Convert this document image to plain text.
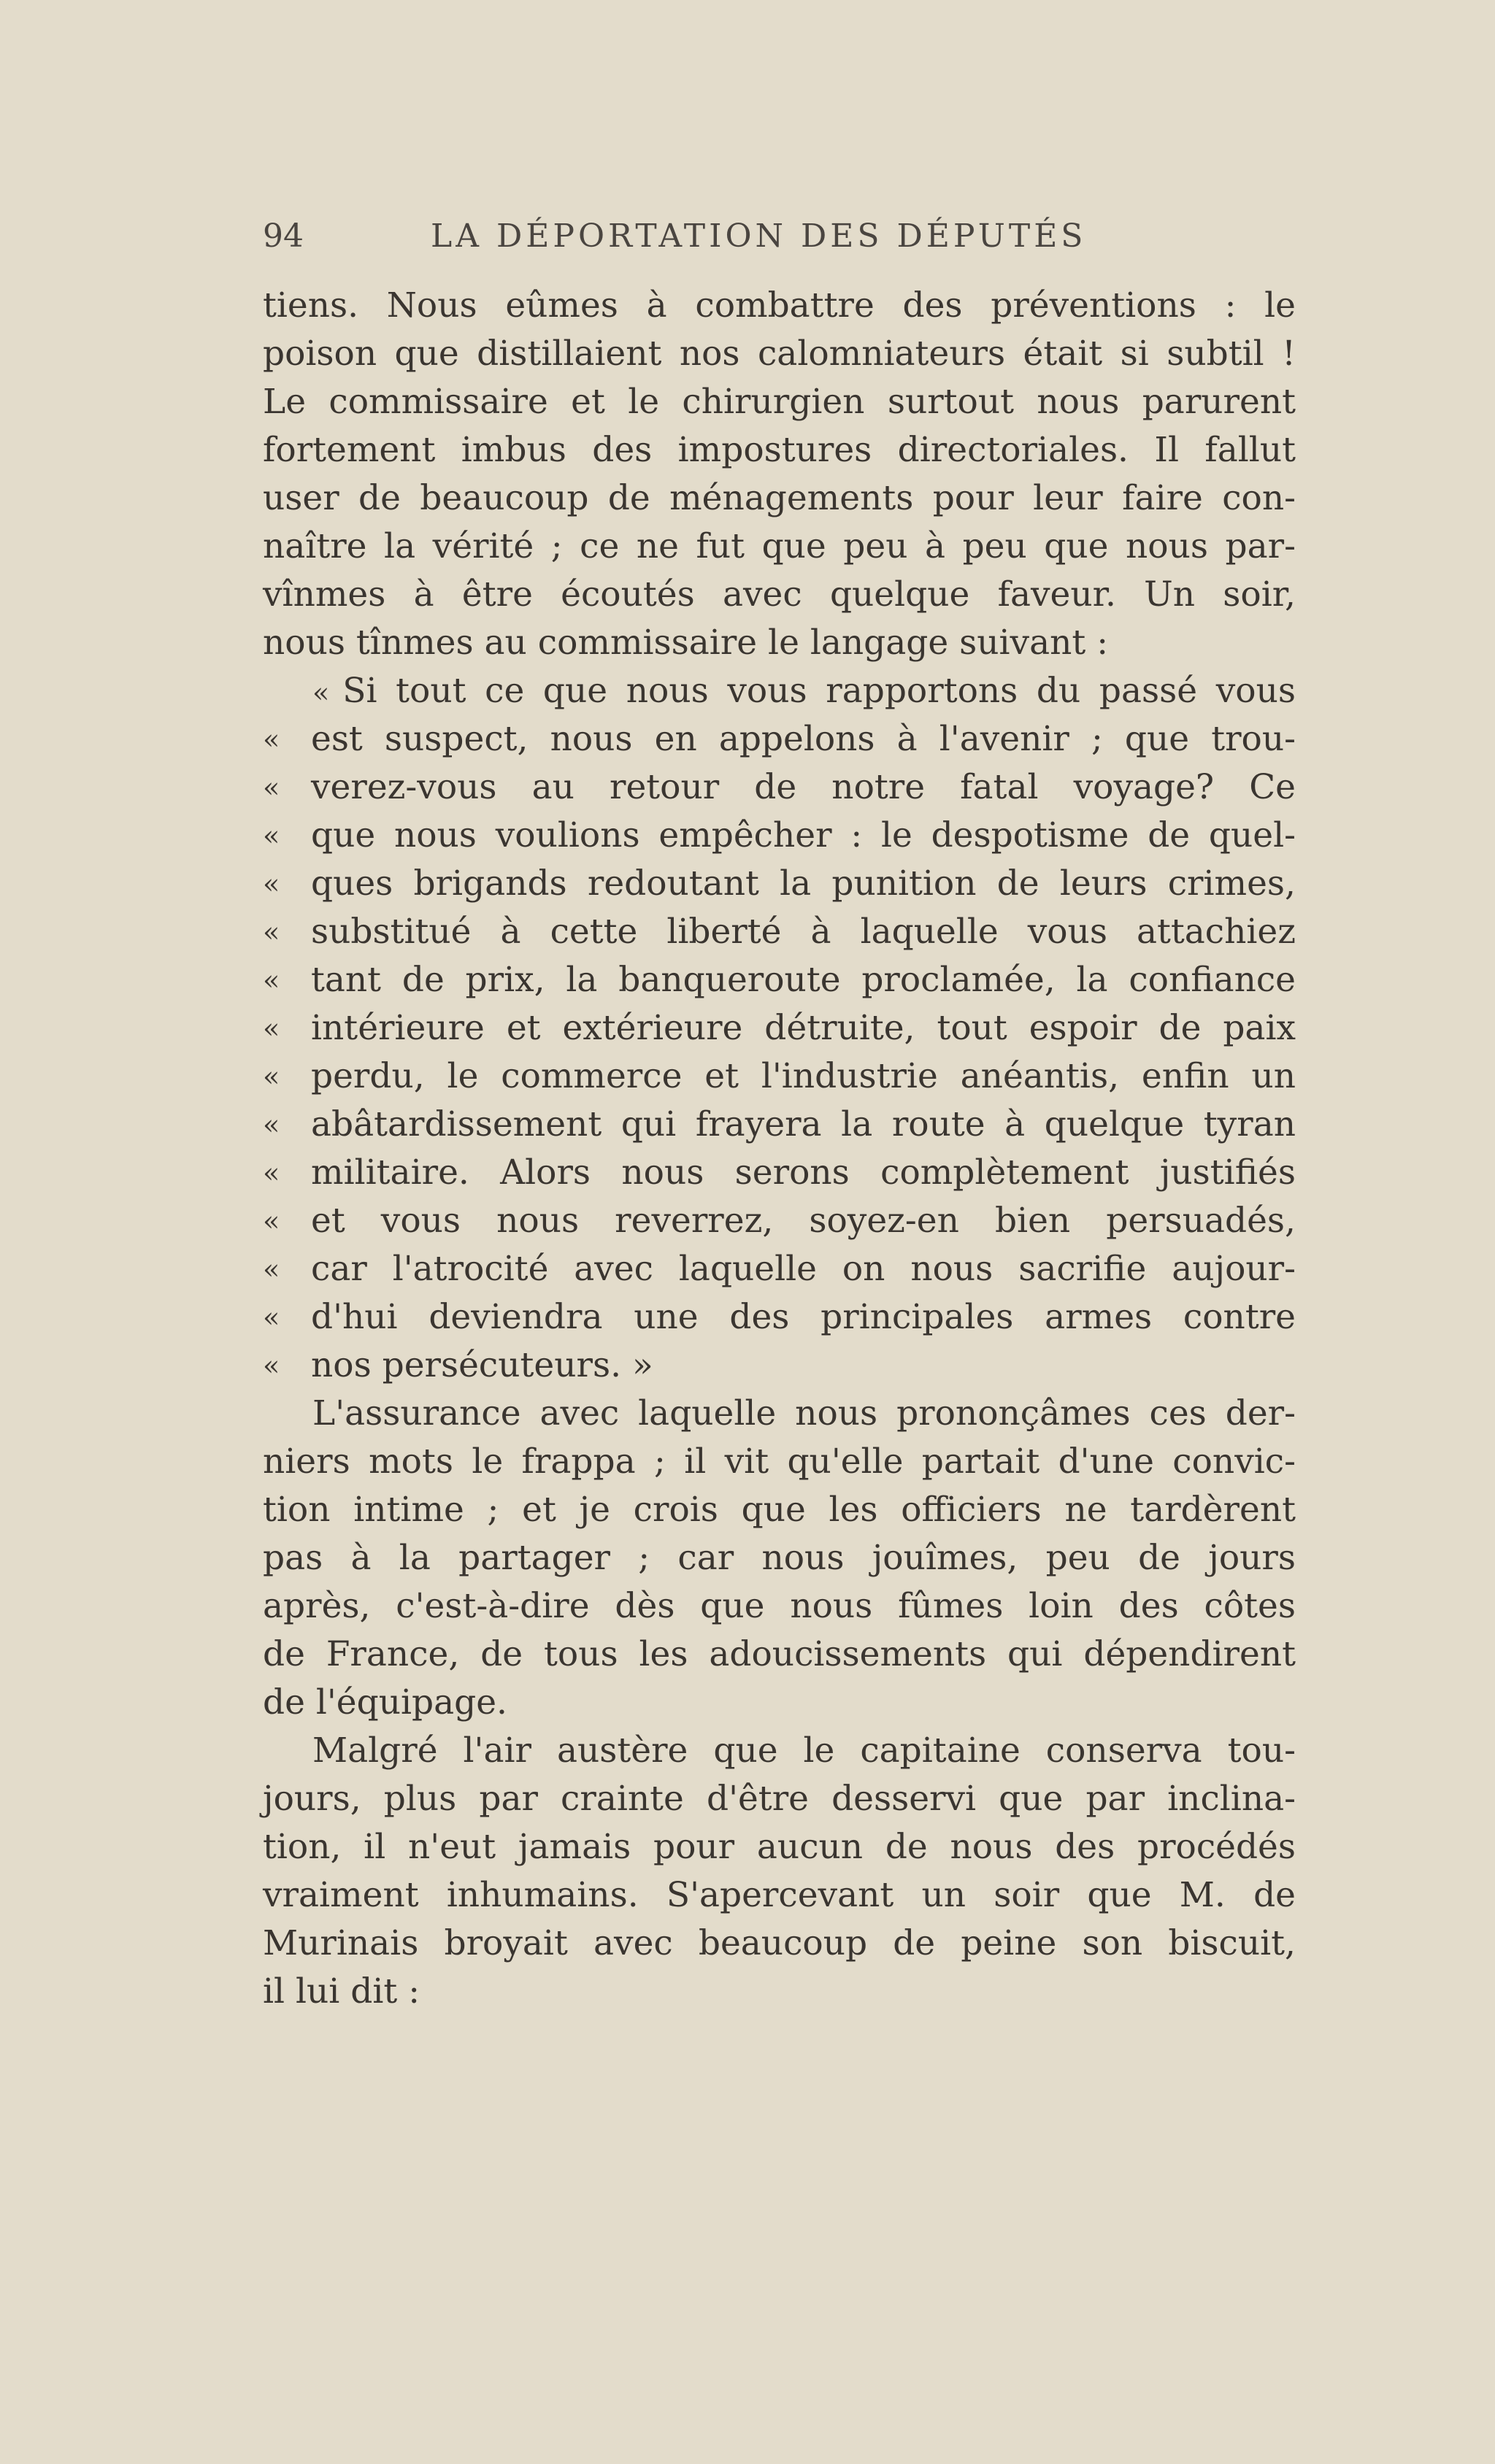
94	LA DÉPORTATION DES DÉPUTÉS
tiens. Nous eûmes à combattre des préventions : le
poison que distillaient nos calomniateurs était si subtil !
Le commissaire et le chirurgien surtout nous parurent
fortement imbus des impostures directoriales. Il fallut
user de beaucoup de ménagements pour leur faire con-
naître la vérité ; ce ne fut que peu à peu que nous par-
vînmes à être écoutés avec quelque faveur. Un soir,
nous tînmes au commissaire le langage suivant :
« Si tout ce que nous vous rapportons du passé vous
« est suspect, nous en appelons à l'avenir ; que trou-
« verez-vous au retour de notre fatal voyage? Ce
« que nous voulions empêcher : le despotisme de quel-
« ques brigands redoutant la punition de leurs crimes,
« substitué à cette liberté à laquelle vous attachiez
« tant de prix, la banqueroute proclamée, la confiance
« intérieure et extérieure détruite, tout espoir de paix
« perdu, le commerce et l'industrie anéantis, enfin un
« abâtardissement qui frayera la route à quelque tyran
« militaire. Alors nous serons complètement justifiés
« et vous nous reverrez, soyez-en bien persuadés,
« car l'atrocité avec laquelle on nous sacrifie aujour-
« d'hui deviendra une des principales armes contre
« nos persécuteurs. »
L'assurance avec laquelle nous prononçâmes ces der-
niers mots le frappa ; il vit qu'elle partait d'une convic-
tion intime ; et je crois que les officiers ne tardèrent
pas à la partager ; car nous jouîmes, peu de jours
après, c'est-à-dire dès que nous fûmes loin des côtes
de France, de tous les adoucissements qui dépendirent
de l'équipage.
Malgré l'air austère que le capitaine conserva tou-
jours, plus par crainte d'être desservi que par inclina-
tion, il n'eut jamais pour aucun de nous des procédés
vraiment inhumains. S'apercevant un soir que M. de
Murinais broyait avec beaucoup de peine son biscuit,
il lui dit :
